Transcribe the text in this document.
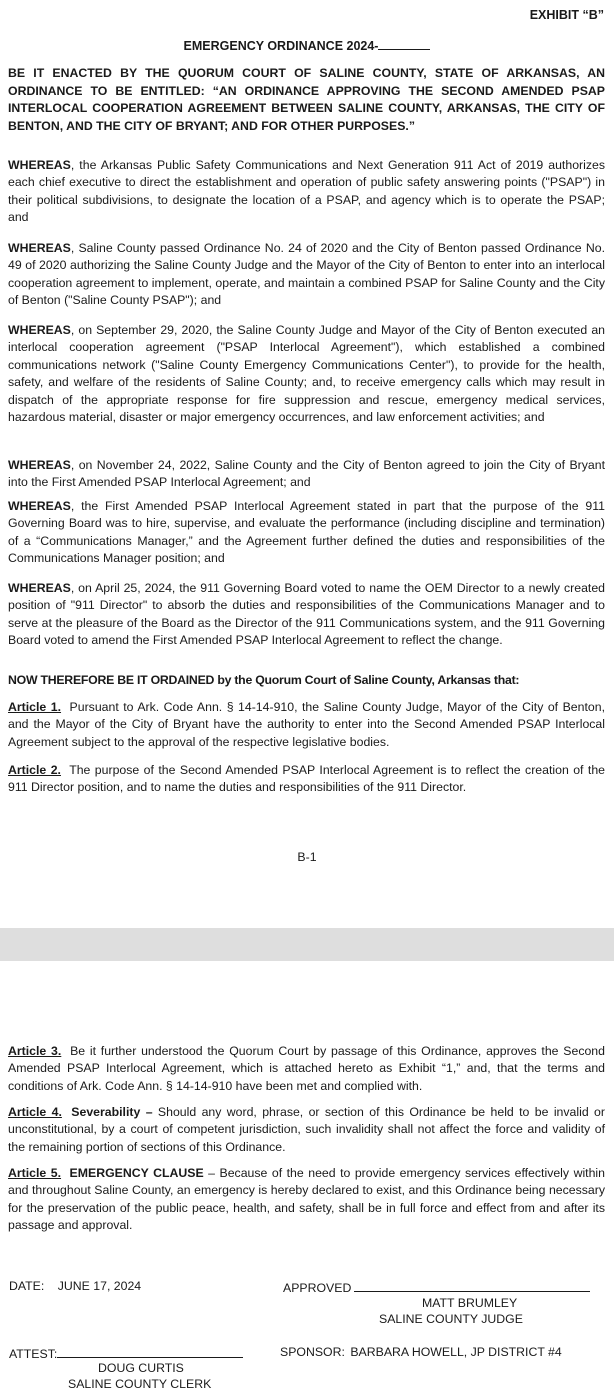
EXHIBIT “B”
EMERGENCY ORDINANCE 2024-
BE IT ENACTED BY THE QUORUM COURT OF SALINE COUNTY, STATE OF ARKANSAS, AN ORDINANCE TO BE ENTITLED: “AN ORDINANCE APPROVING THE SECOND AMENDED PSAP INTERLOCAL COOPERATION AGREEMENT BETWEEN SALINE COUNTY, ARKANSAS, THE CITY OF BENTON, AND THE CITY OF BRYANT; AND FOR OTHER PURPOSES.”
WHEREAS, the Arkansas Public Safety Communications and Next Generation 911 Act of 2019 authorizes each chief executive to direct the establishment and operation of public safety answering points ("PSAP") in their political subdivisions, to designate the location of a PSAP, and agency which is to operate the PSAP; and
WHEREAS, Saline County passed Ordinance No. 24 of 2020 and the City of Benton passed Ordinance No. 49 of 2020 authorizing the Saline County Judge and the Mayor of the City of Benton to enter into an interlocal cooperation agreement to implement, operate, and maintain a combined PSAP for Saline County and the City of Benton ("Saline County PSAP"); and
WHEREAS, on September 29, 2020, the Saline County Judge and Mayor of the City of Benton executed an interlocal cooperation agreement ("PSAP Interlocal Agreement"), which established a combined communications network ("Saline County Emergency Communications Center"), to provide for the health, safety, and welfare of the residents of Saline County; and, to receive emergency calls which may result in dispatch of the appropriate response for fire suppression and rescue, emergency medical services, hazardous material, disaster or major emergency occurrences, and law enforcement activities; and
WHEREAS, on November 24, 2022, Saline County and the City of Benton agreed to join the City of Bryant into the First Amended PSAP Interlocal Agreement; and
WHEREAS, the First Amended PSAP Interlocal Agreement stated in part that the purpose of the 911 Governing Board was to hire, supervise, and evaluate the performance (including discipline and termination) of a “Communications Manager,” and the Agreement further defined the duties and responsibilities of the Communications Manager position; and
WHEREAS, on April 25, 2024, the 911 Governing Board voted to name the OEM Director to a newly created position of "911 Director" to absorb the duties and responsibilities of the Communications Manager and to serve at the pleasure of the Board as the Director of the 911 Communications system, and the 911 Governing Board voted to amend the First Amended PSAP Interlocal Agreement to reflect the change.
NOW THEREFORE BE IT ORDAINED by the Quorum Court of Saline County, Arkansas that:
Article 1. Pursuant to Ark. Code Ann. § 14-14-910, the Saline County Judge, Mayor of the City of Benton, and the Mayor of the City of Bryant have the authority to enter into the Second Amended PSAP Interlocal Agreement subject to the approval of the respective legislative bodies.
Article 2. The purpose of the Second Amended PSAP Interlocal Agreement is to reflect the creation of the 911 Director position, and to name the duties and responsibilities of the 911 Director.
B-1
Article 3. Be it further understood the Quorum Court by passage of this Ordinance, approves the Second Amended PSAP Interlocal Agreement, which is attached hereto as Exhibit “1,” and, that the terms and conditions of Ark. Code Ann. § 14-14-910 have been met and complied with.
Article 4. Severability – Should any word, phrase, or section of this Ordinance be held to be invalid or unconstitutional, by a court of competent jurisdiction, such invalidity shall not affect the force and validity of the remaining portion of sections of this Ordinance.
Article 5. EMERGENCY CLAUSE – Because of the need to provide emergency services effectively within and throughout Saline County, an emergency is hereby declared to exist, and this Ordinance being necessary for the preservation of the public peace, health, and safety, shall be in full force and effect from and after its passage and approval.
DATE: JUNE 17, 2024	APPROVED
MATT BRUMLEY
SALINE COUNTY JUDGE
ATTEST:	SPONSOR: BARBARA HOWELL, JP DISTRICT #4
DOUG CURTIS
SALINE COUNTY CLERK
